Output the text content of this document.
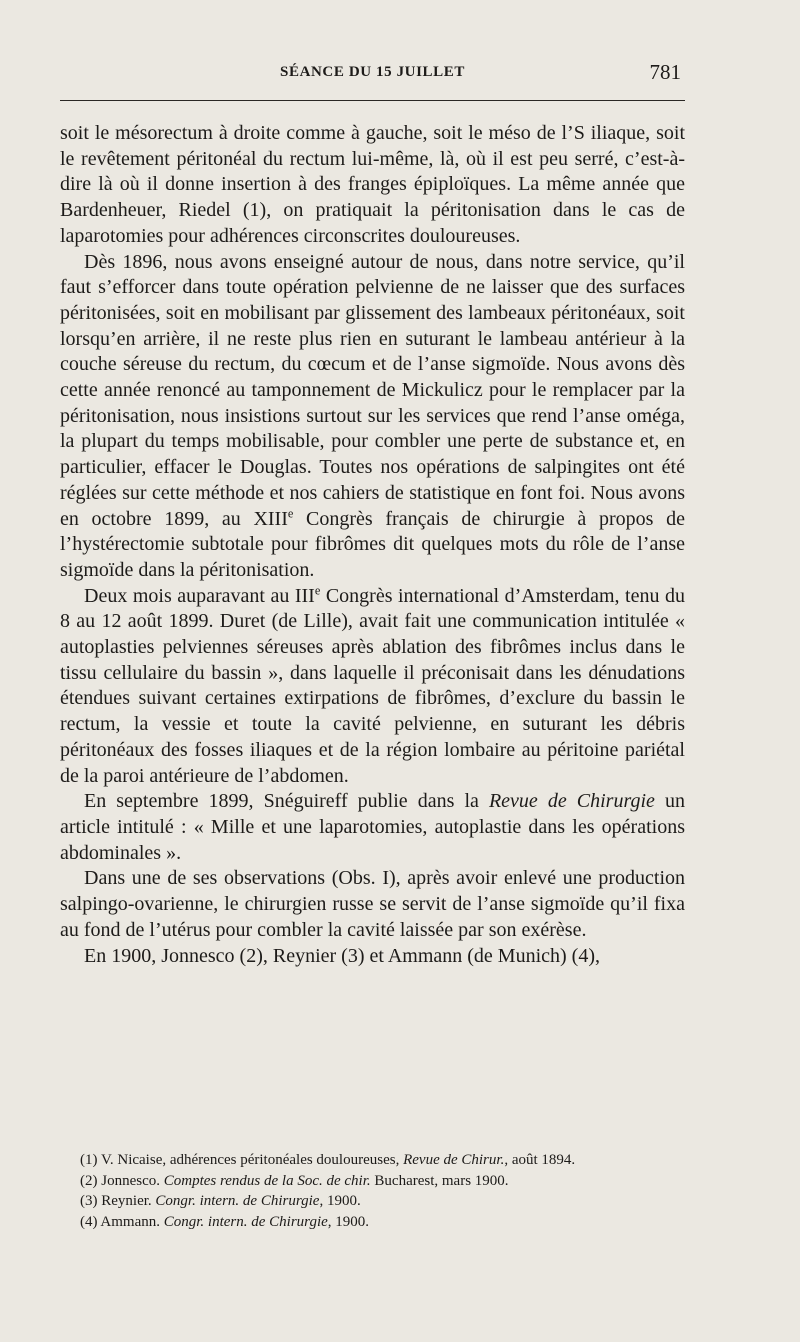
SÉANCE DU 15 JUILLET	781

soit le mésorectum à droite comme à gauche, soit le méso de l’S iliaque, soit le revêtement péritonéal du rectum lui-même, là, où il est peu serré, c’est-à-dire là où il donne insertion à des franges épiploïques. La même année que Bardenheuer, Riedel (1), on pratiquait la péritonisation dans le cas de laparotomies pour adhérences circonscrites douloureuses.

Dès 1896, nous avons enseigné autour de nous, dans notre service, qu’il faut s’efforcer dans toute opération pelvienne de ne laisser que des surfaces péritonisées, soit en mobilisant par glissement des lambeaux péritonéaux, soit lorsqu’en arrière, il ne reste plus rien en suturant le lambeau antérieur à la couche séreuse du rectum, du cœcum et de l’anse sigmoïde. Nous avons dès cette année renoncé au tamponnement de Mickulicz pour le remplacer par la péritonisation, nous insistions surtout sur les services que rend l’anse oméga, la plupart du temps mobilisable, pour combler une perte de substance et, en particulier, effacer le Douglas. Toutes nos opérations de salpingites ont été réglées sur cette méthode et nos cahiers de statistique en font foi. Nous avons en octobre 1899, au XIIIe Congrès français de chirurgie à propos de l’hystérectomie subtotale pour fibrômes dit quelques mots du rôle de l’anse sigmoïde dans la péritonisation.

Deux mois auparavant au IIIe Congrès international d’Amsterdam, tenu du 8 au 12 août 1899. Duret (de Lille), avait fait une communication intitulée « autoplasties pelviennes séreuses après ablation des fibrômes inclus dans le tissu cellulaire du bassin », dans laquelle il préconisait dans les dénudations étendues suivant certaines extirpations de fibrômes, d’exclure du bassin le rectum, la vessie et toute la cavité pelvienne, en suturant les débris péritonéaux des fosses iliaques et de la région lombaire au péritoine pariétal de la paroi antérieure de l’abdomen.

En septembre 1899, Snéguireff publie dans la Revue de Chirurgie un article intitulé : « Mille et une laparotomies, autoplastie dans les opérations abdominales ».

Dans une de ses observations (Obs. I), après avoir enlevé une production salpingo-ovarienne, le chirurgien russe se servit de l’anse sigmoïde qu’il fixa au fond de l’utérus pour combler la cavité laissée par son exérèse.

En 1900, Jonnesco (2), Reynier (3) et Ammann (de Munich) (4),

(1) V. Nicaise, adhérences péritonéales douloureuses, Revue de Chirur., août 1894.

(2) Jonnesco. Comptes rendus de la Soc. de chir. Bucharest, mars 1900.

(3) Reynier. Congr. intern. de Chirurgie, 1900.

(4) Ammann. Congr. intern. de Chirurgie, 1900.
